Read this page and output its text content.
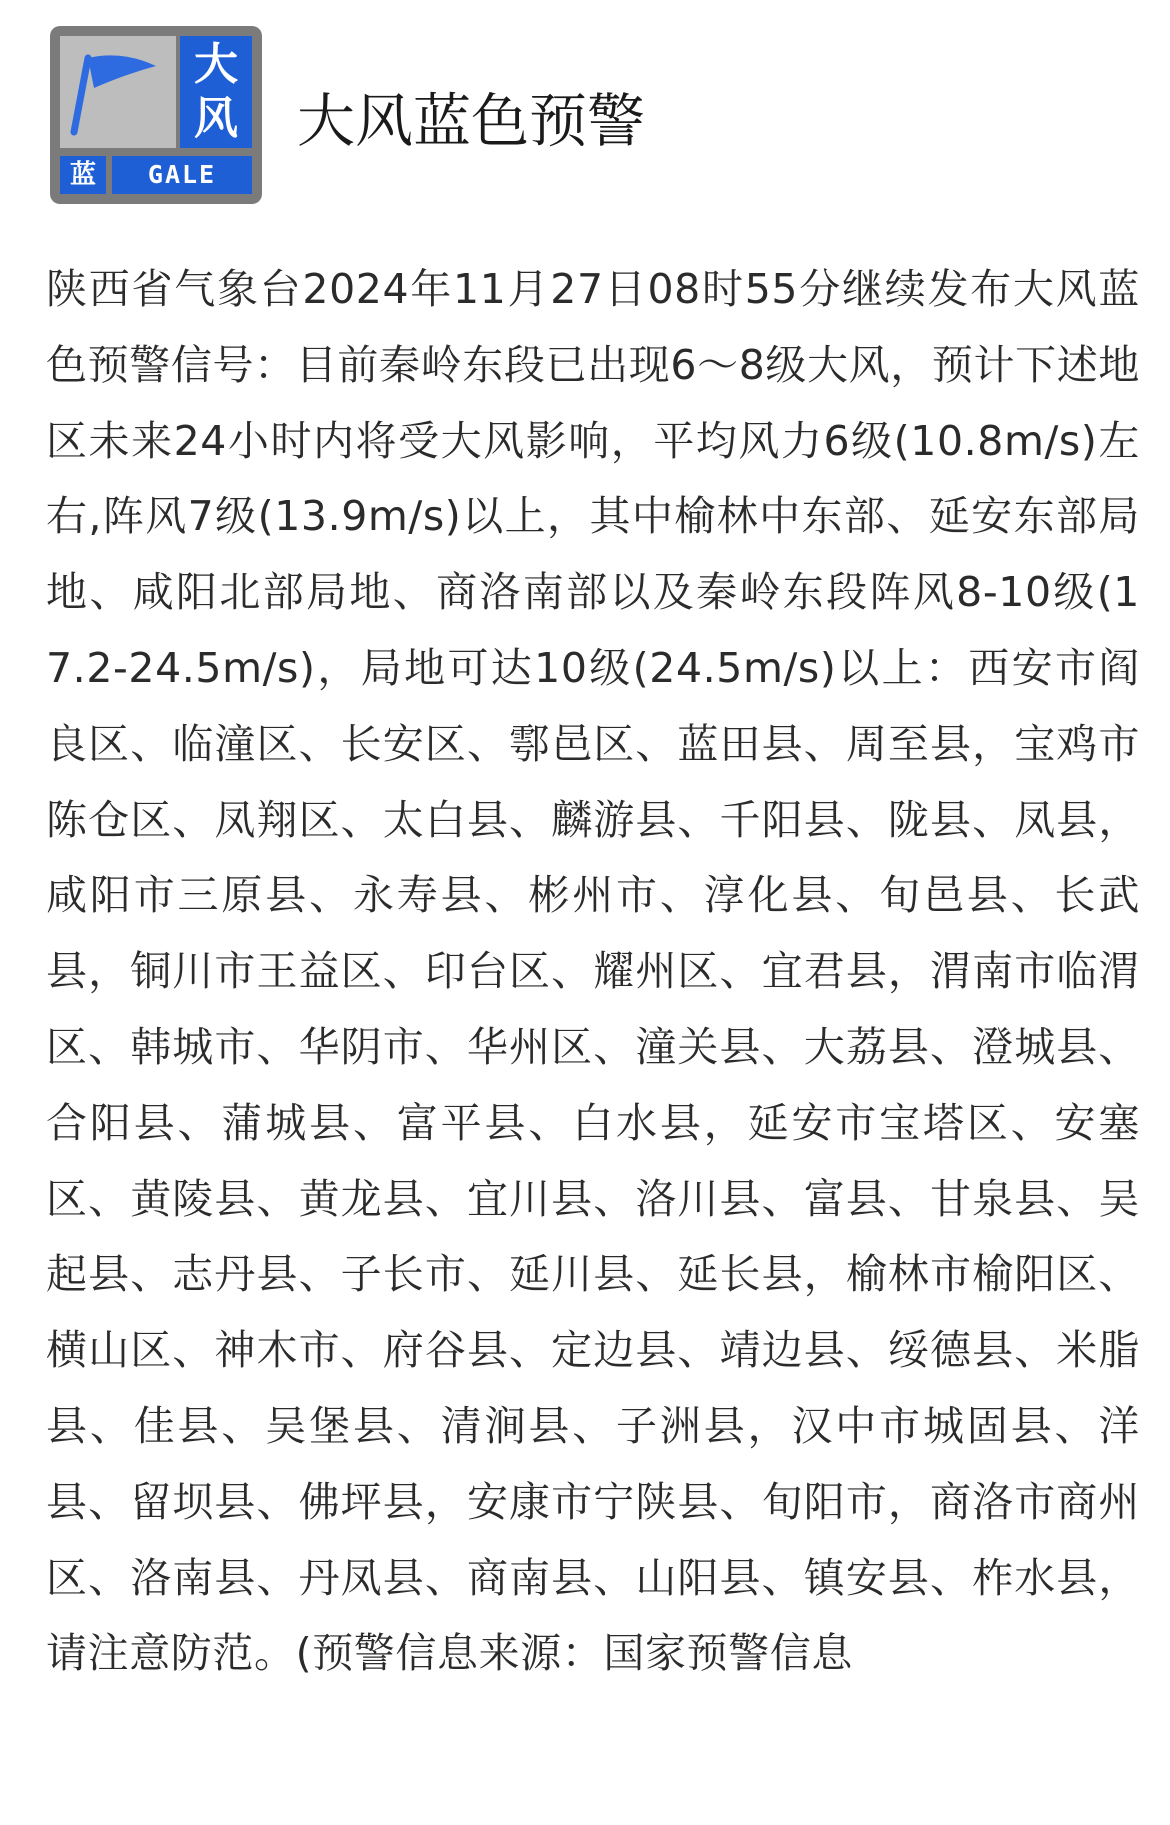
大
风
蓝	GALE
大风蓝色预警
陕西省气象台2024年11月27日08时55分继续发布大风蓝色预警信号：目前秦岭东段已出现6～8级大风，预计下述地区未来24小时内将受大风影响，平均风力6级(10.8m/s)左右,阵风7级(13.9m/s)以上，其中榆林中东部、延安东部局地、咸阳北部局地、商洛南部以及秦岭东段阵风8-10级(17.2-24.5m/s)，局地可达10级(24.5m/s)以上：西安市阎良区、临潼区、长安区、鄠邑区、蓝田县、周至县，宝鸡市陈仓区、凤翔区、太白县、麟游县、千阳县、陇县、凤县，咸阳市三原县、永寿县、彬州市、淳化县、旬邑县、长武县，铜川市王益区、印台区、耀州区、宜君县，渭南市临渭区、韩城市、华阴市、华州区、潼关县、大荔县、澄城县、合阳县、蒲城县、富平县、白水县，延安市宝塔区、安塞区、黄陵县、黄龙县、宜川县、洛川县、富县、甘泉县、吴起县、志丹县、子长市、延川县、延长县，榆林市榆阳区、横山区、神木市、府谷县、定边县、靖边县、绥德县、米脂县、佳县、吴堡县、清涧县、子洲县，汉中市城固县、洋县、留坝县、佛坪县，安康市宁陕县、旬阳市，商洛市商州区、洛南县、丹凤县、商南县、山阳县、镇安县、柞水县，请注意防范。(预警信息来源：国家预警信息
